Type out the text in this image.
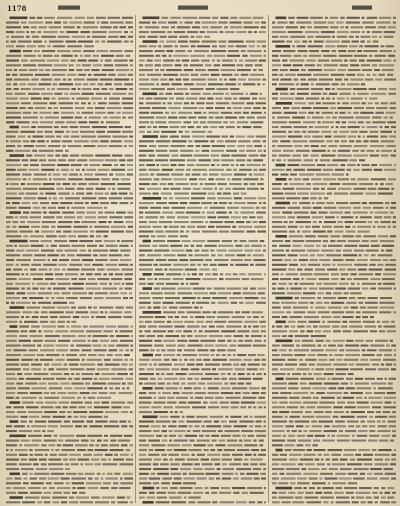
1178
